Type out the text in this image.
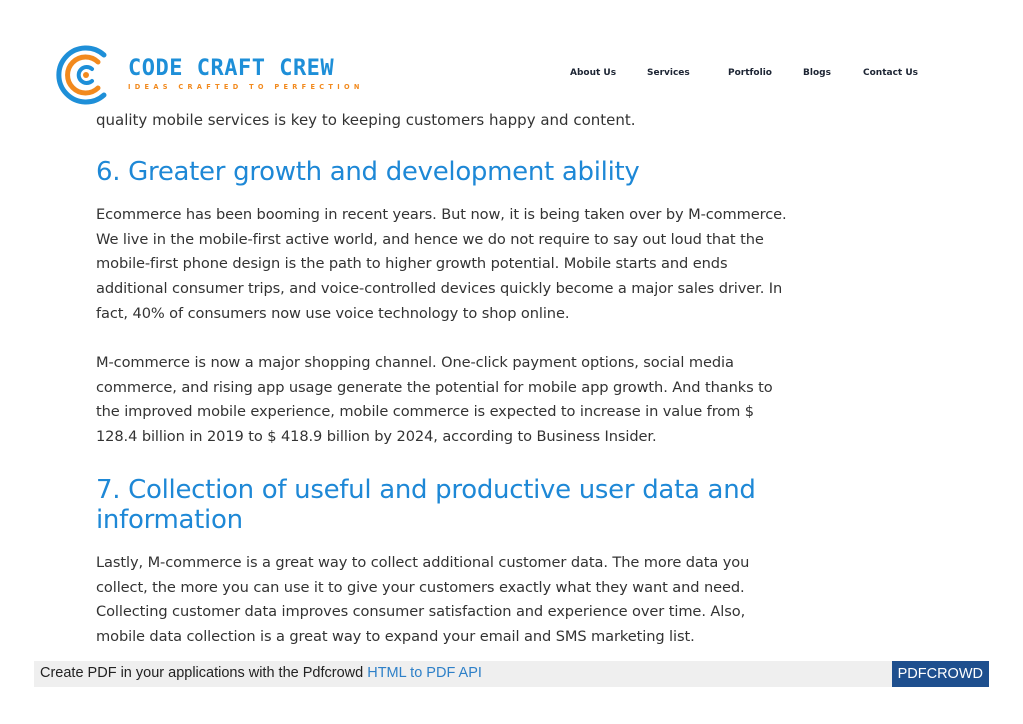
quality mobile services is key to keeping customers happy and content.

6. Greater growth and development ability

Ecommerce has been booming in recent years. But now, it is being taken over by M-commerce. We live in the mobile-first active world, and hence we do not require to say out loud that the mobile-first phone design is the path to higher growth potential. Mobile starts and ends additional consumer trips, and voice-controlled devices quickly become a major sales driver. In fact, 40% of consumers now use voice technology to shop online.

M-commerce is now a major shopping channel. One-click payment options, social media commerce, and rising app usage generate the potential for mobile app growth. And thanks to the improved mobile experience, mobile commerce is expected to increase in value from $ 128.4 billion in 2019 to $ 418.9 billion by 2024, according to Business Insider.

7. Collection of useful and productive user data and information

Lastly, M-commerce is a great way to collect additional customer data. The more data you collect, the more you can use it to give your customers exactly what they want and need. Collecting customer data improves consumer satisfaction and experience over time. Also, mobile data collection is a great way to expand your email and SMS marketing list.

CODE CRAFT CREW

IDEAS CRAFTED TO PERFECTION

About Us	Services	Portfolio	Blogs	Contact Us

Create PDF in your applications with the Pdfcrowd HTML to PDF API	PDFCROWD
